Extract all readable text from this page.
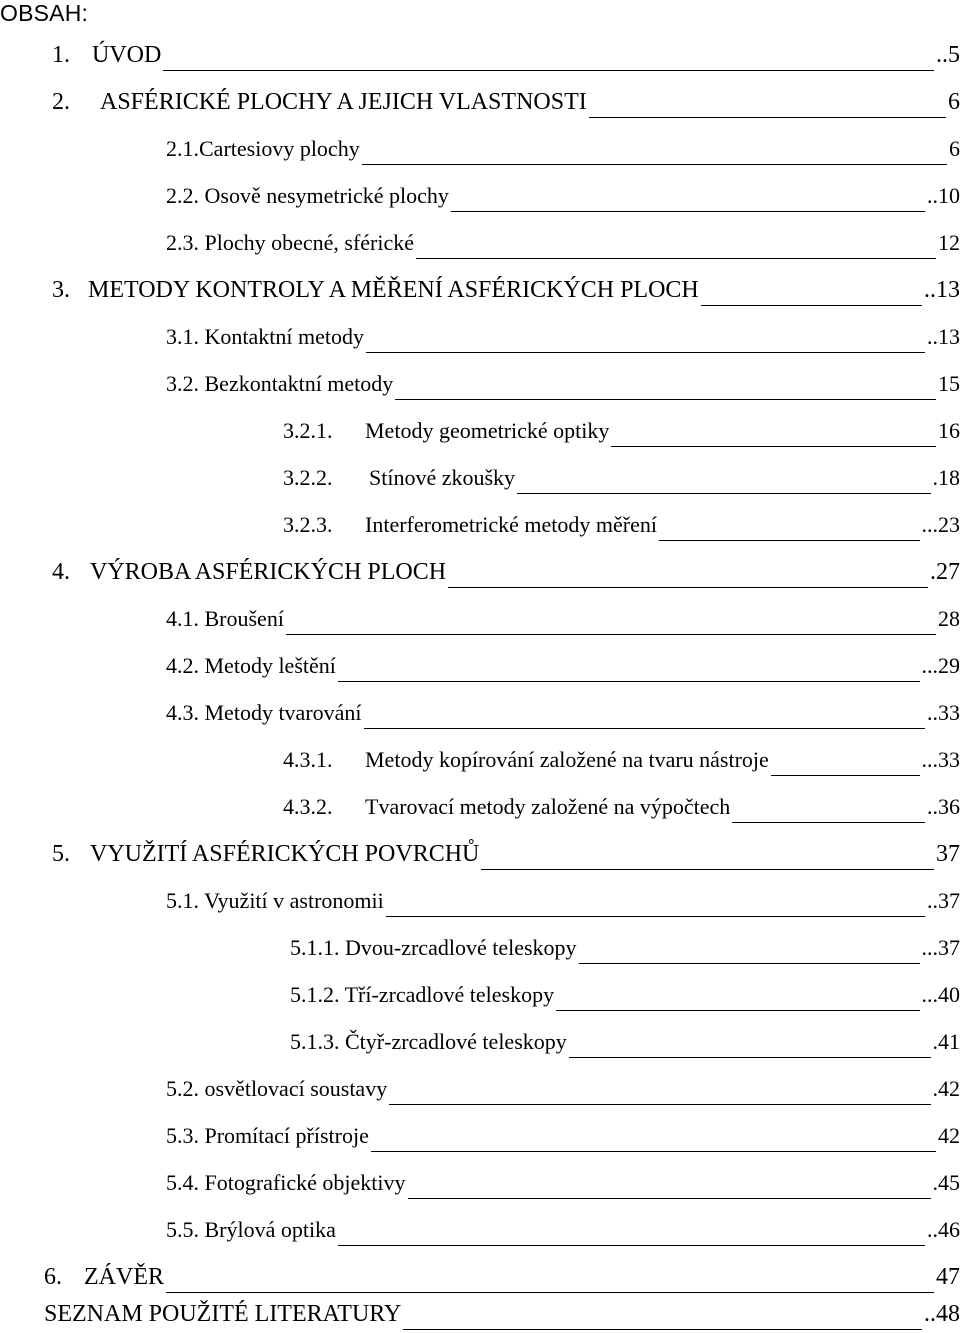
OBSAH:
1. ÚVOD	..5
2.	ASFÉRICKÉ PLOCHY A JEJICH VLASTNOSTI	6
2.1.Cartesiovy plochy	6
2.2. Osově nesymetrické plochy	..10
2.3. Plochy obecné, sférické	12
3. METODY KONTROLY A MĚŘENÍ ASFÉRICKÝCH PLOCH	..13
3.1. Kontaktní metody	..13
3.2. Bezkontaktní metody	15
3.2.1.	Metody geometrické optiky	16
3.2.2.	Stínové zkoušky	.18
3.2.3.	Interferometrické metody měření	...23
4. VÝROBA ASFÉRICKÝCH PLOCH	.27
4.1. Broušení	28
4.2. Metody leštění	...29
4.3. Metody tvarování	..33
4.3.1.	Metody kopírování založené na tvaru nástroje	...33
4.3.2.	Tvarovací metody založené na výpočtech	..36
5. VYUŽITÍ ASFÉRICKÝCH POVRCHŮ	37
5.1. Využití v astronomii	..37
5.1.1. Dvou-zrcadlové teleskopy	...37
5.1.2. Tří-zrcadlové teleskopy	...40
5.1.3. Čtyř-zrcadlové teleskopy	.41
5.2. osvětlovací soustavy	.42
5.3. Promítací přístroje	42
5.4. Fotografické objektivy	.45
5.5. Brýlová optika	..46
6. ZÁVĚR	47
SEZNAM POUŽITÉ LITERATURY	..48
